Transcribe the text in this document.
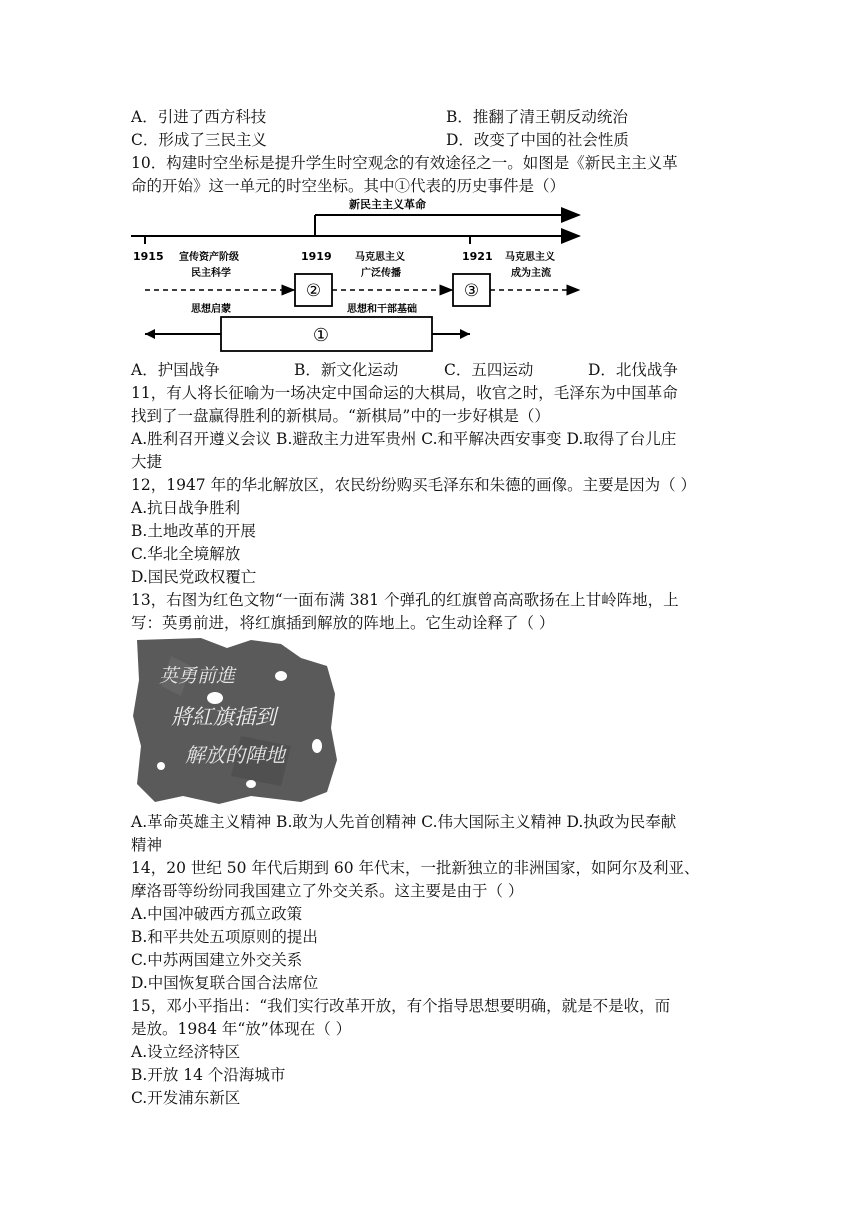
A．引进了西方科技	B．推翻了清王朝反动统治
C．形成了三民主义	D．改变了中国的社会性质
10．构建时空坐标是提升学生时空观念的有效途径之一。如图是《新民主主义革
命的开始》这一单元的时空坐标。其中①代表的历史事件是（）
新民主主义革命
1915	1919	1921
宣传资产阶级
民主科学
马克思主义
广泛传播
马克思主义
成为主流
②	③
思想启蒙	思想和干部基础
①
A．护国战争	B．新文化运动	C．五四运动	D．北伐战争
11，有人将长征喻为一场决定中国命运的大棋局，收官之时，毛泽东为中国革命
找到了一盘赢得胜利的新棋局。“新棋局”中的一步好棋是（）
A.胜利召开遵义会议 B.避敌主力进军贵州 C.和平解决西安事变 D.取得了台儿庄
大捷
12，1947 年的华北解放区，农民纷纷购买毛泽东和朱德的画像。主要是因为（ ）
A.抗日战争胜利
B.土地改革的开展
C.华北全境解放
D.国民党政权覆亡
13，右图为红色文物“一面布满 381 个弹孔的红旗曾高高歌扬在上甘岭阵地，上
写：英勇前进，将红旗插到解放的阵地上。它生动诠释了（ ）
英勇前進
將紅旗插到
解放的陣地
A.革命英雄主义精神 B.敢为人先首创精神 C.伟大国际主义精神 D.执政为民奉献
精神
14，20 世纪 50 年代后期到 60 年代末，一批新独立的非洲国家，如阿尔及利亚、
摩洛哥等纷纷同我国建立了外交关系。这主要是由于（ ）
A.中国冲破西方孤立政策
B.和平共处五项原则的提出
C.中苏两国建立外交关系
D.中国恢复联合国合法席位
15，邓小平指出：“我们实行改革开放，有个指导思想要明确，就是不是收，而
是放。1984 年“放”体现在（ ）
A.设立经济特区
B.开放 14 个沿海城市
C.开发浦东新区
